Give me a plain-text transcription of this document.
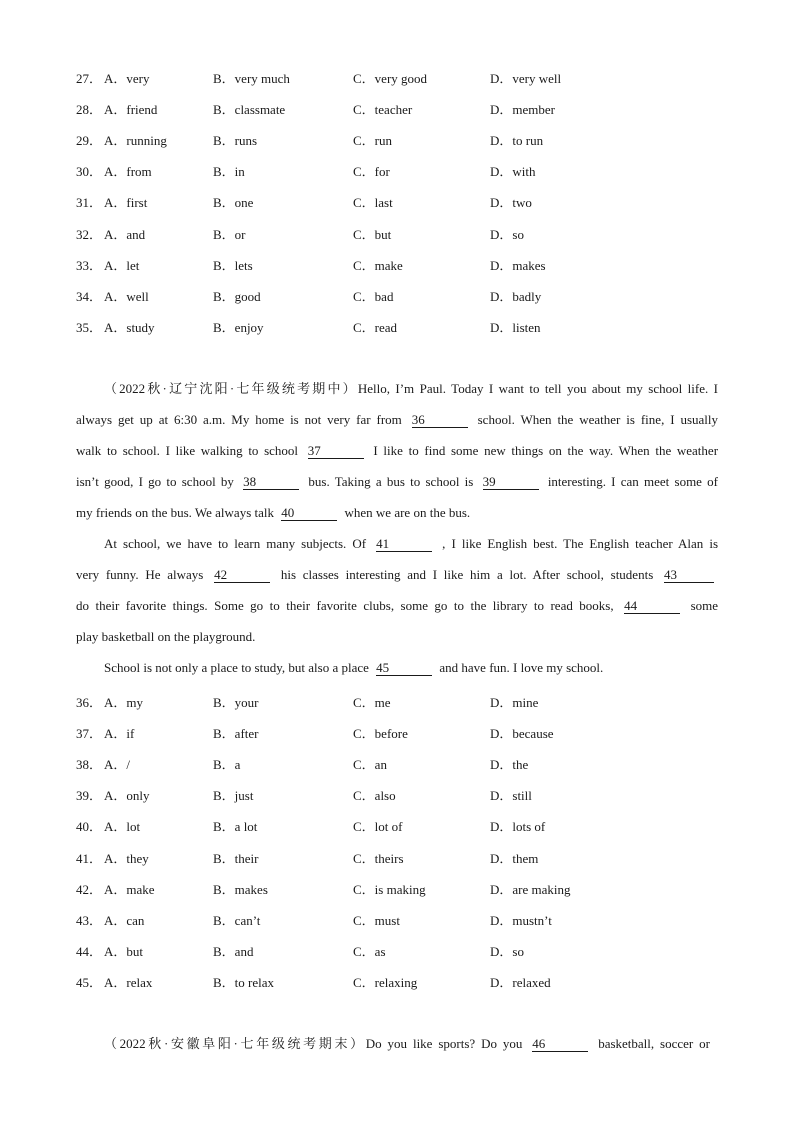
27． A．very	B．very much	C．very good	D．very well
28． A．friend	B．classmate	C．teacher	D．member
29． A．running	B．runs	C．run	D．to run
30． A．from	B．in	C．for	D．with
31． A．first	B．one	C．last	D．two
32． A．and	B．or	C．but	D．so
33． A．let	B．lets	C．make	D．makes
34． A．well	B．good	C．bad	D．badly
35． A．study	B．enjoy	C．read	D．listen
（2022秋·辽宁沈阳·七年级统考期中）Hello, I’m Paul. Today I want to tell you about my school life. I
always get up at 6:30 a.m. My home is not very far from 36	school. When the weather is fine, I usually
walk to school. I like walking to school 37	I like to find some new things on the way. When the weather
isn’t good, I go to school by 38	bus. Taking a bus to school is 39	interesting. I can meet some of
my friends on the bus. We always talk 40	when we are on the bus.
At school, we have to learn many subjects. Of 41	, I like English best. The English teacher Alan is
very funny. He always 42	his classes interesting and I like him a lot. After school, students 43
do their favorite things. Some go to their favorite clubs, some go to the library to read books, 44	some
play basketball on the playground.
School is not only a place to study, but also a place 45	and have fun. I love my school.
36． A．my	B．your	C．me	D．mine
37． A．if	B．after	C．before	D．because
38． A．/	B．a	C．an	D．the
39． A．only	B．just	C．also	D．still
40． A．lot	B．a lot	C．lot of	D．lots of
41． A．they	B．their	C．theirs	D．them
42． A．make	B．makes	C．is making	D．are making
43． A．can	B．can’t	C．must	D．mustn’t
44． A．but	B．and	C．as	D．so
45． A．relax	B．to relax	C．relaxing	D．relaxed
（2022秋·安徽阜阳·七年级统考期末）Do you like sports? Do you 46	basketball, soccer or
